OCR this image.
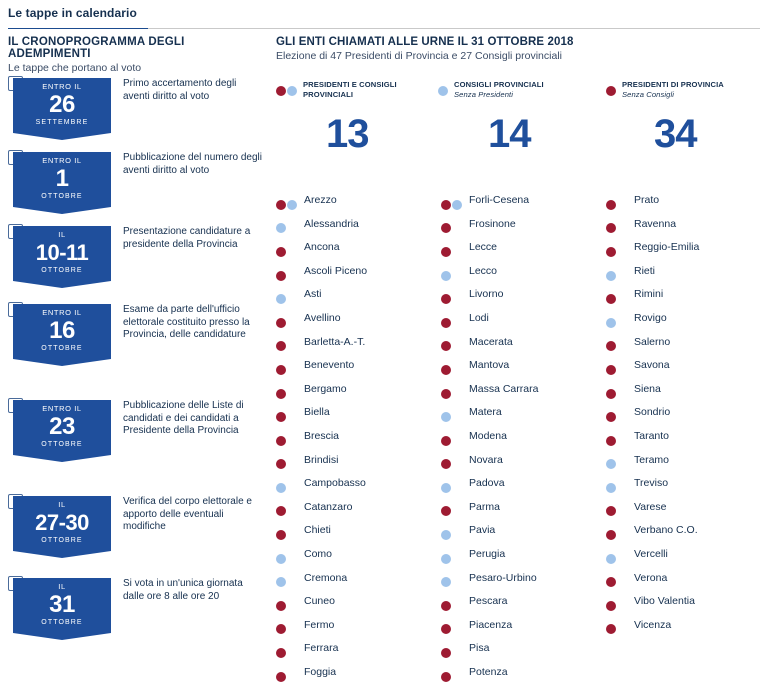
Le tappe in calendario
IL CRONOPROGRAMMA DEGLI ADEMPIMENTI
Le tappe che portano al voto
ENTRO IL
26
SETTEMBRE
Primo accertamento degli aventi diritto al voto
ENTRO IL
1
OTTOBRE
Pubblicazione del numero degli aventi diritto al voto
IL
10-11
OTTOBRE
Presentazione candidature a presidente della Provincia
ENTRO IL
16
OTTOBRE
Esame da parte dell'ufficio elettorale costituito presso la Provincia, delle candidature
ENTRO IL
23
OTTOBRE
Pubblicazione delle Liste di candidati e dei candidati a Presidente della Provincia
IL
27-30
OTTOBRE
Verifica del corpo elettorale e apporto delle eventuali modifiche
IL
31
OTTOBRE
Si vota in un'unica giornata dalle ore 8 alle ore 20
GLI ENTI CHIAMATI ALLE URNE IL 31 OTTOBRE 2018
Elezione di 47 Presidenti di Provincia e 27 Consigli provinciali
PRESIDENTI E CONSIGLI
PROVINCIALI
CONSIGLI PROVINCIALI
Senza Presidenti
PRESIDENTI DI PROVINCIA
Senza Consigli
13	14	34
Arezzo
Alessandria
Ancona
Ascoli Piceno
Asti
Avellino
Barletta-A.-T.
Benevento
Bergamo
Biella
Brescia
Brindisi
Campobasso
Catanzaro
Chieti
Como
Cremona
Cuneo
Fermo
Ferrara
Foggia
Forli-Cesena
Frosinone
Lecce
Lecco
Livorno
Lodi
Macerata
Mantova
Massa Carrara
Matera
Modena
Novara
Padova
Parma
Pavia
Perugia
Pesaro-Urbino
Pescara
Piacenza
Pisa
Potenza
Prato
Ravenna
Reggio-Emilia
Rieti
Rimini
Rovigo
Salerno
Savona
Siena
Sondrio
Taranto
Teramo
Treviso
Varese
Verbano C.O.
Vercelli
Verona
Vibo Valentia
Vicenza
